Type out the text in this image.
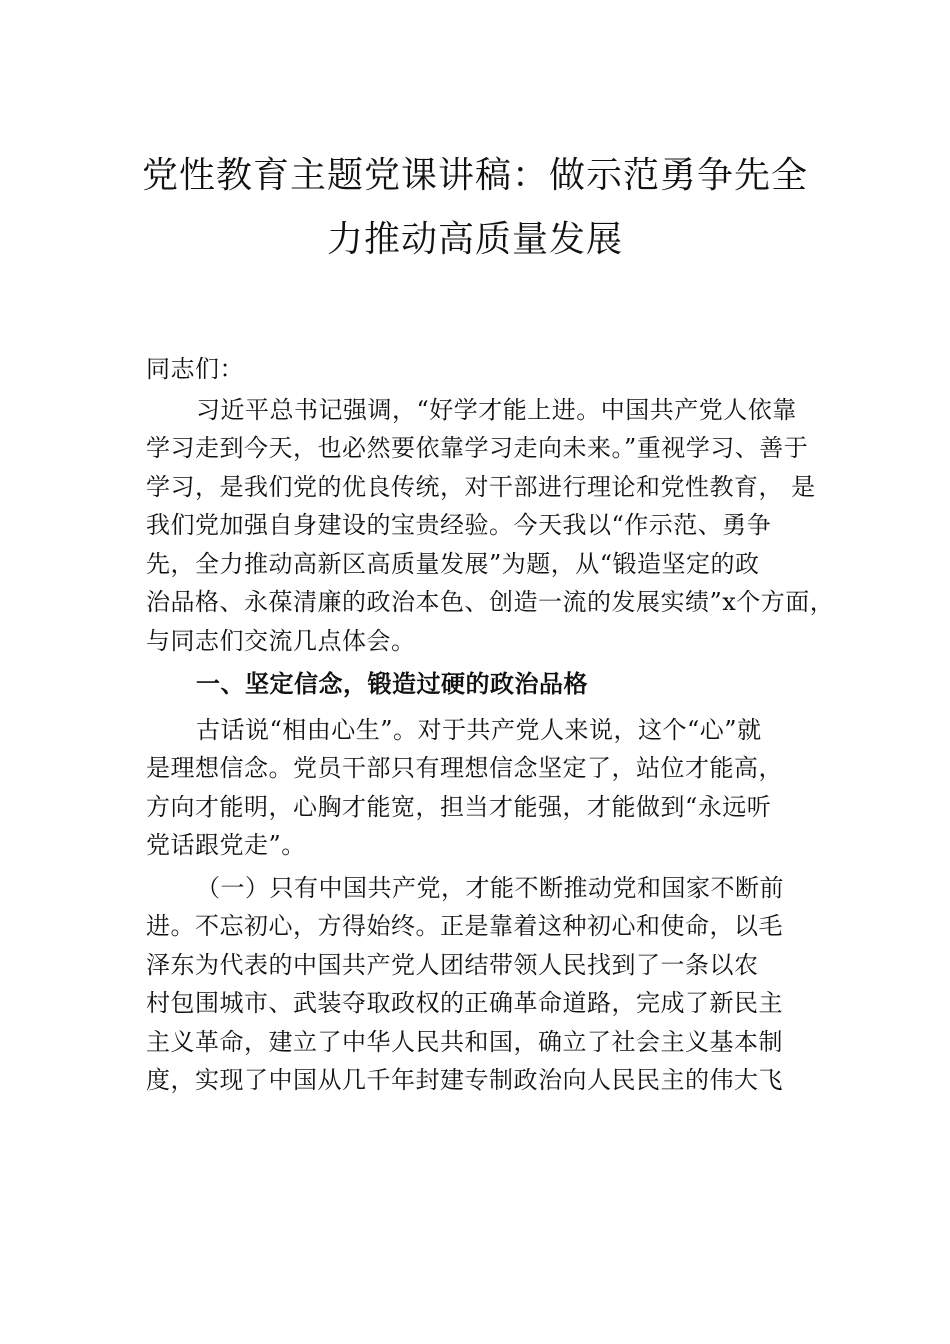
党性教育主题党课讲稿：做示范勇争先全
力推动高质量发展
同志们：
习近平总书记强调，“好学才能上进。中国共产党人依靠
学习走到今天，也必然要依靠学习走向未来。”重视学习、善于
学习，是我们党的优良传统，对干部进行理论和党性教育， 是
我们党加强自身建设的宝贵经验。今天我以“作示范、勇争
先，全力推动高新区高质量发展”为题，从“锻造坚定的政
治品格、永葆清廉的政治本色、创造一流的发展实绩”x个方面，
与同志们交流几点体会。
一、坚定信念，锻造过硬的政治品格
古话说“相由心生”。对于共产党人来说，这个“心”就
是理想信念。党员干部只有理想信念坚定了，站位才能高，
方向才能明，心胸才能宽，担当才能强，才能做到“永远听
党话跟党走”。
（一）只有中国共产党，才能不断推动党和国家不断前
进。不忘初心，方得始终。正是靠着这种初心和使命，以毛
泽东为代表的中国共产党人团结带领人民找到了一条以农
村包围城市、武装夺取政权的正确革命道路，完成了新民主
主义革命，建立了中华人民共和国，确立了社会主义基本制
度，实现了中国从几千年封建专制政治向人民民主的伟大飞
